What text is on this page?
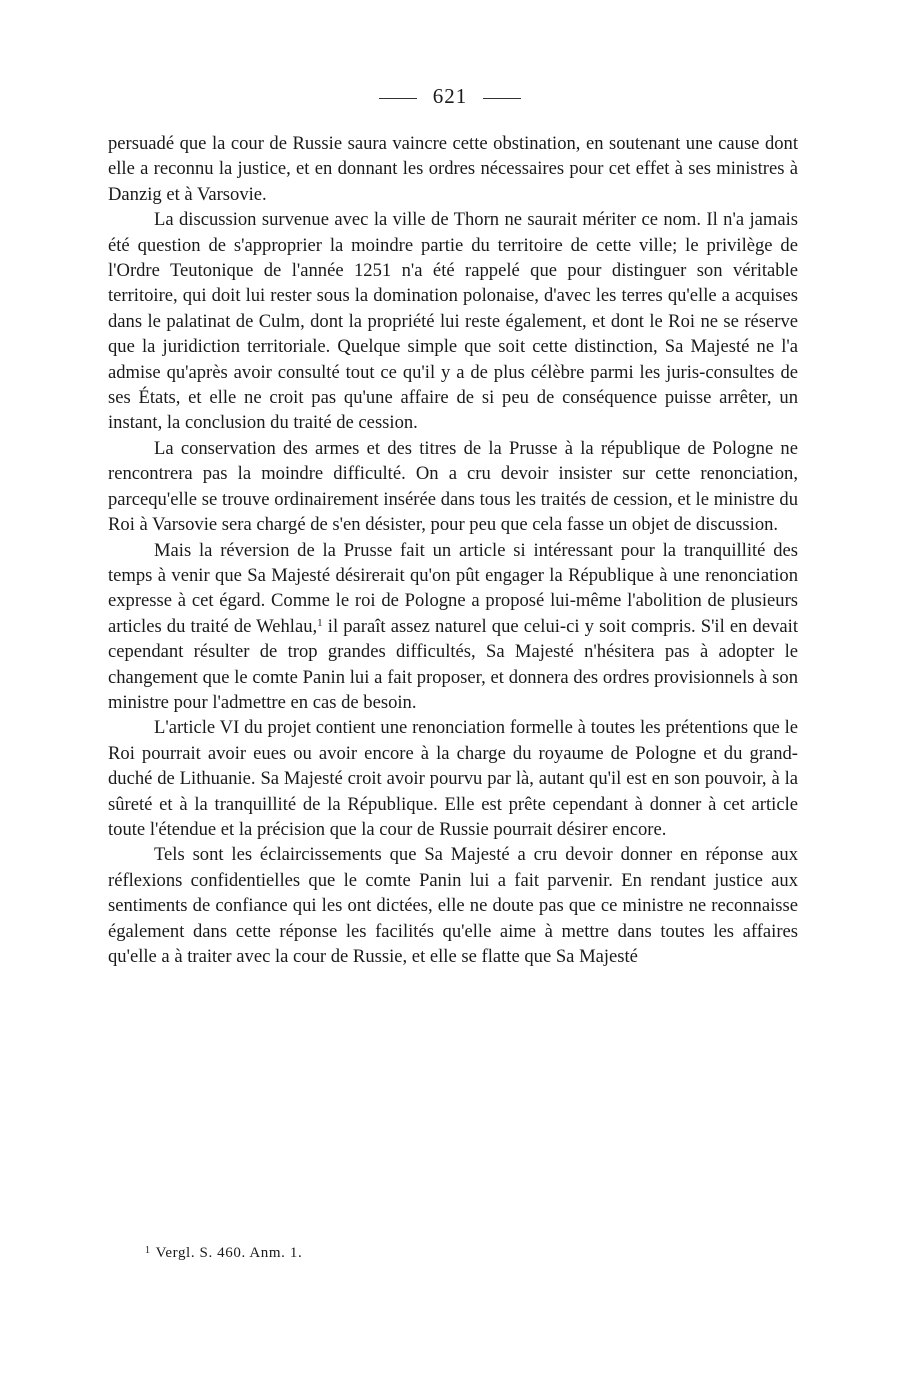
621

persuadé que la cour de Russie saura vaincre cette obstination, en soutenant une cause dont elle a reconnu la justice, et en donnant les ordres nécessaires pour cet effet à ses ministres à Danzig et à Varsovie.

La discussion survenue avec la ville de Thorn ne saurait mériter ce nom. Il n'a jamais été question de s'approprier la moindre partie du territoire de cette ville; le privilège de l'Ordre Teutonique de l'année 1251 n'a été rappelé que pour distinguer son véritable territoire, qui doit lui rester sous la domination polonaise, d'avec les terres qu'elle a acquises dans le palatinat de Culm, dont la propriété lui reste également, et dont le Roi ne se réserve que la juridiction territoriale. Quelque simple que soit cette distinction, Sa Majesté ne l'a admise qu'après avoir consulté tout ce qu'il y a de plus célèbre parmi les juris-consultes de ses États, et elle ne croit pas qu'une affaire de si peu de conséquence puisse arrêter, un instant, la conclusion du traité de cession.

La conservation des armes et des titres de la Prusse à la république de Pologne ne rencontrera pas la moindre difficulté. On a cru devoir insister sur cette renonciation, parcequ'elle se trouve ordinairement insérée dans tous les traités de cession, et le ministre du Roi à Varsovie sera chargé de s'en désister, pour peu que cela fasse un objet de discussion.

Mais la réversion de la Prusse fait un article si intéressant pour la tranquillité des temps à venir que Sa Majesté désirerait qu'on pût engager la République à une renonciation expresse à cet égard. Comme le roi de Pologne a proposé lui-même l'abolition de plusieurs articles du traité de Wehlau,$^1$ il paraît assez naturel que celui-ci y soit compris. S'il en devait cependant résulter de trop grandes difficultés, Sa Majesté n'hésitera pas à adopter le changement que le comte Panin lui a fait proposer, et donnera des ordres provisionnels à son ministre pour l'admettre en cas de besoin.

L'article VI du projet contient une renonciation formelle à toutes les prétentions que le Roi pourrait avoir eues ou avoir encore à la charge du royaume de Pologne et du grand-duché de Lithuanie. Sa Majesté croit avoir pourvu par là, autant qu'il est en son pouvoir, à la sûreté et à la tranquillité de la République. Elle est prête cependant à donner à cet article toute l'étendue et la précision que la cour de Russie pourrait désirer encore.

Tels sont les éclaircissements que Sa Majesté a cru devoir donner en réponse aux réflexions confidentielles que le comte Panin lui a fait parvenir. En rendant justice aux sentiments de confiance qui les ont dictées, elle ne doute pas que ce ministre ne reconnaisse également dans cette réponse les facilités qu'elle aime à mettre dans toutes les affaires qu'elle a à traiter avec la cour de Russie, et elle se flatte que Sa Majesté

$^1$ Vergl. S. 460. Anm. 1.
